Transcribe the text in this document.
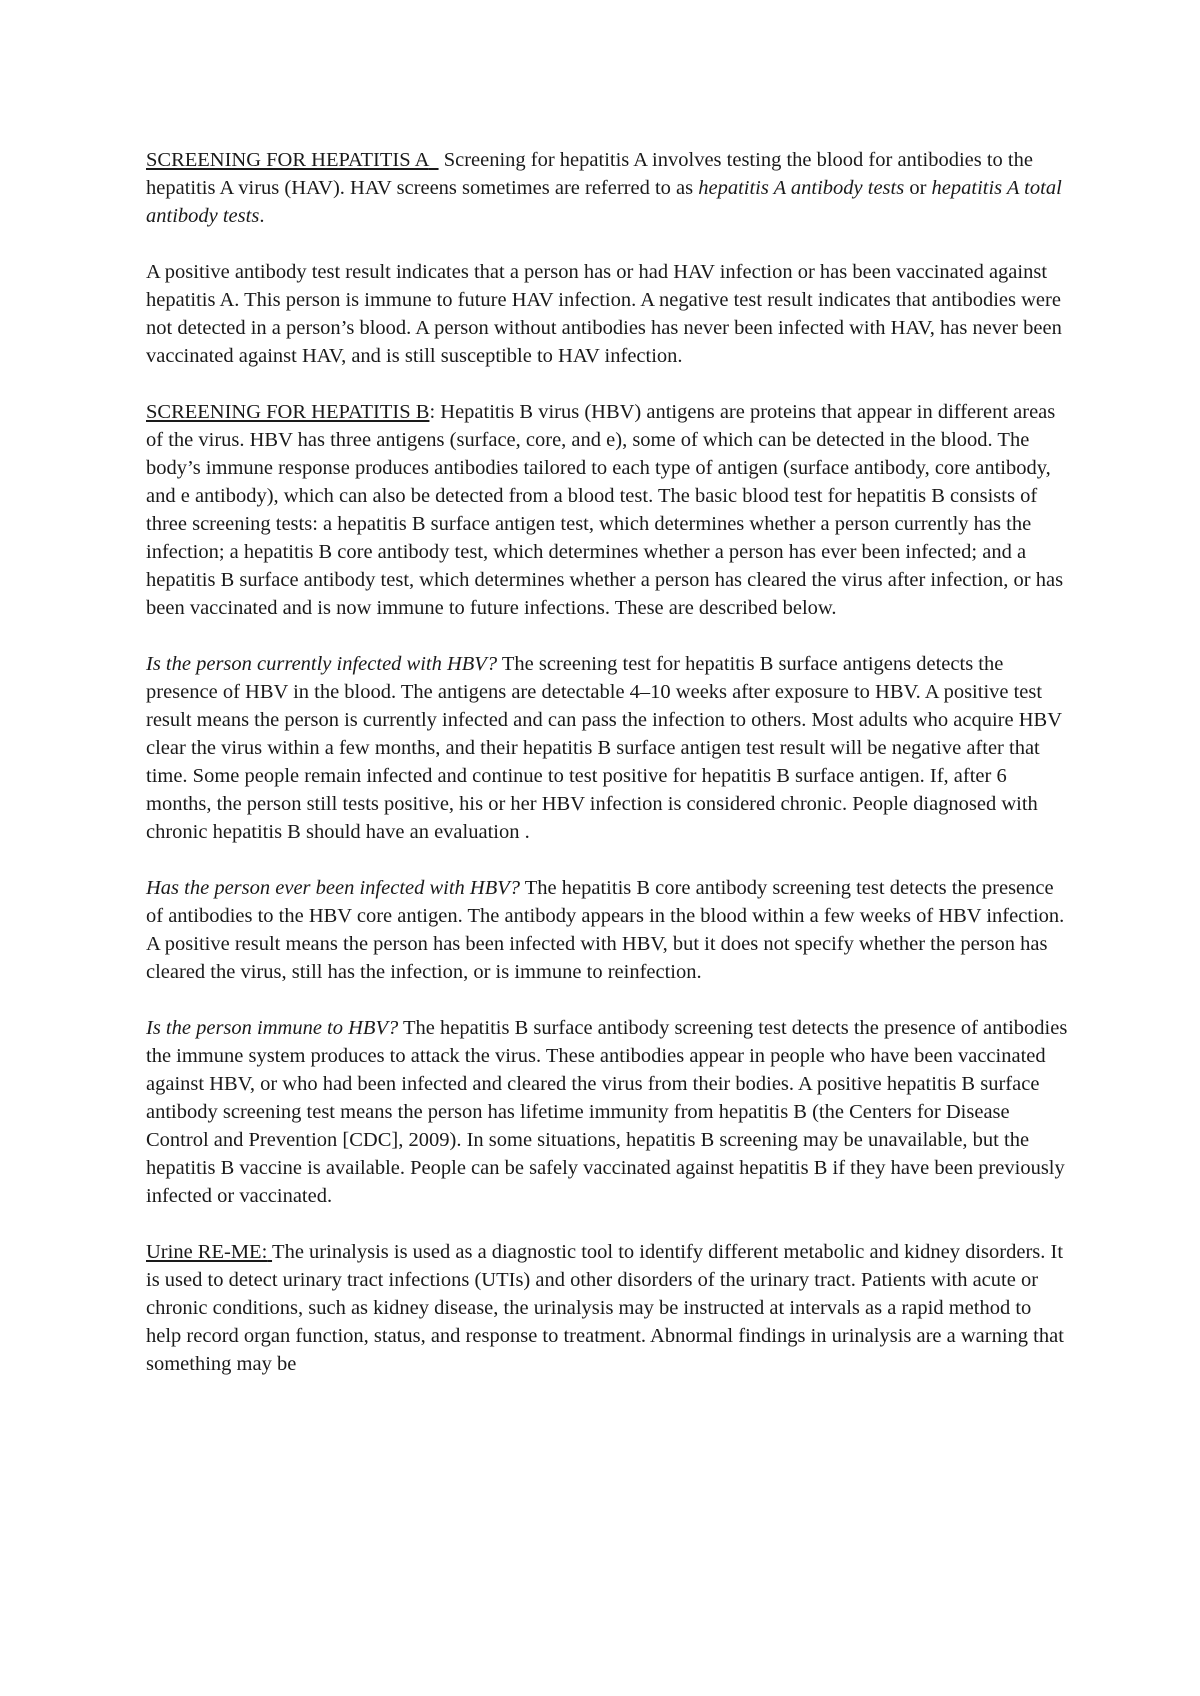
SCREENING FOR HEPATITIS A   Screening for hepatitis A involves testing the blood for antibodies to the hepatitis A virus (HAV). HAV screens sometimes are referred to as hepatitis A antibody tests or hepatitis A total antibody tests.

A positive antibody test result indicates that a person has or had HAV infection or has been vaccinated against hepatitis A. This person is immune to future HAV infection. A negative test result indicates that antibodies were not detected in a person’s blood. A person without antibodies has never been infected with HAV, has never been vaccinated against HAV, and is still susceptible to HAV infection.

SCREENING FOR HEPATITIS B: Hepatitis B virus (HBV) antigens are proteins that appear in different areas of the virus. HBV has three antigens (surface, core, and e), some of which can be detected in the blood. The body’s immune response produces antibodies tailored to each type of antigen (surface antibody, core antibody, and e antibody), which can also be detected from a blood test. The basic blood test for hepatitis B consists of three screening tests: a hepatitis B surface antigen test, which determines whether a person currently has the infection; a hepatitis B core antibody test, which determines whether a person has ever been infected; and a hepatitis B surface antibody test, which determines whether a person has cleared the virus after infection, or has been vaccinated and is now immune to future infections. These are described below.

Is the person currently infected with HBV? The screening test for hepatitis B surface antigens detects the presence of HBV in the blood. The antigens are detectable 4–10 weeks after exposure to HBV. A positive test result means the person is currently infected and can pass the infection to others. Most adults who acquire HBV clear the virus within a few months, and their hepatitis B surface antigen test result will be negative after that time. Some people remain infected and continue to test positive for hepatitis B surface antigen. If, after 6 months, the person still tests positive, his or her HBV infection is considered chronic. People diagnosed with chronic hepatitis B should have an evaluation .

Has the person ever been infected with HBV? The hepatitis B core antibody screening test detects the presence of antibodies to the HBV core antigen. The antibody appears in the blood within a few weeks of HBV infection. A positive result means the person has been infected with HBV, but it does not specify whether the person has cleared the virus, still has the infection, or is immune to reinfection.

Is the person immune to HBV? The hepatitis B surface antibody screening test detects the presence of antibodies the immune system produces to attack the virus. These antibodies appear in people who have been vaccinated against HBV, or who had been infected and cleared the virus from their bodies. A positive hepatitis B surface antibody screening test means the person has lifetime immunity from hepatitis B (the Centers for Disease Control and Prevention [CDC], 2009). In some situations, hepatitis B screening may be unavailable, but the hepatitis B vaccine is available. People can be safely vaccinated against hepatitis B if they have been previously infected or vaccinated.

Urine RE-ME: The urinalysis is used as a diagnostic tool to identify different metabolic and kidney disorders. It is used to detect urinary tract infections (UTIs) and other disorders of the urinary tract. Patients with acute or chronic conditions, such as kidney disease, the urinalysis may be instructed at intervals as a rapid method to help record organ function, status, and response to treatment. Abnormal findings in urinalysis are a warning that something may be
